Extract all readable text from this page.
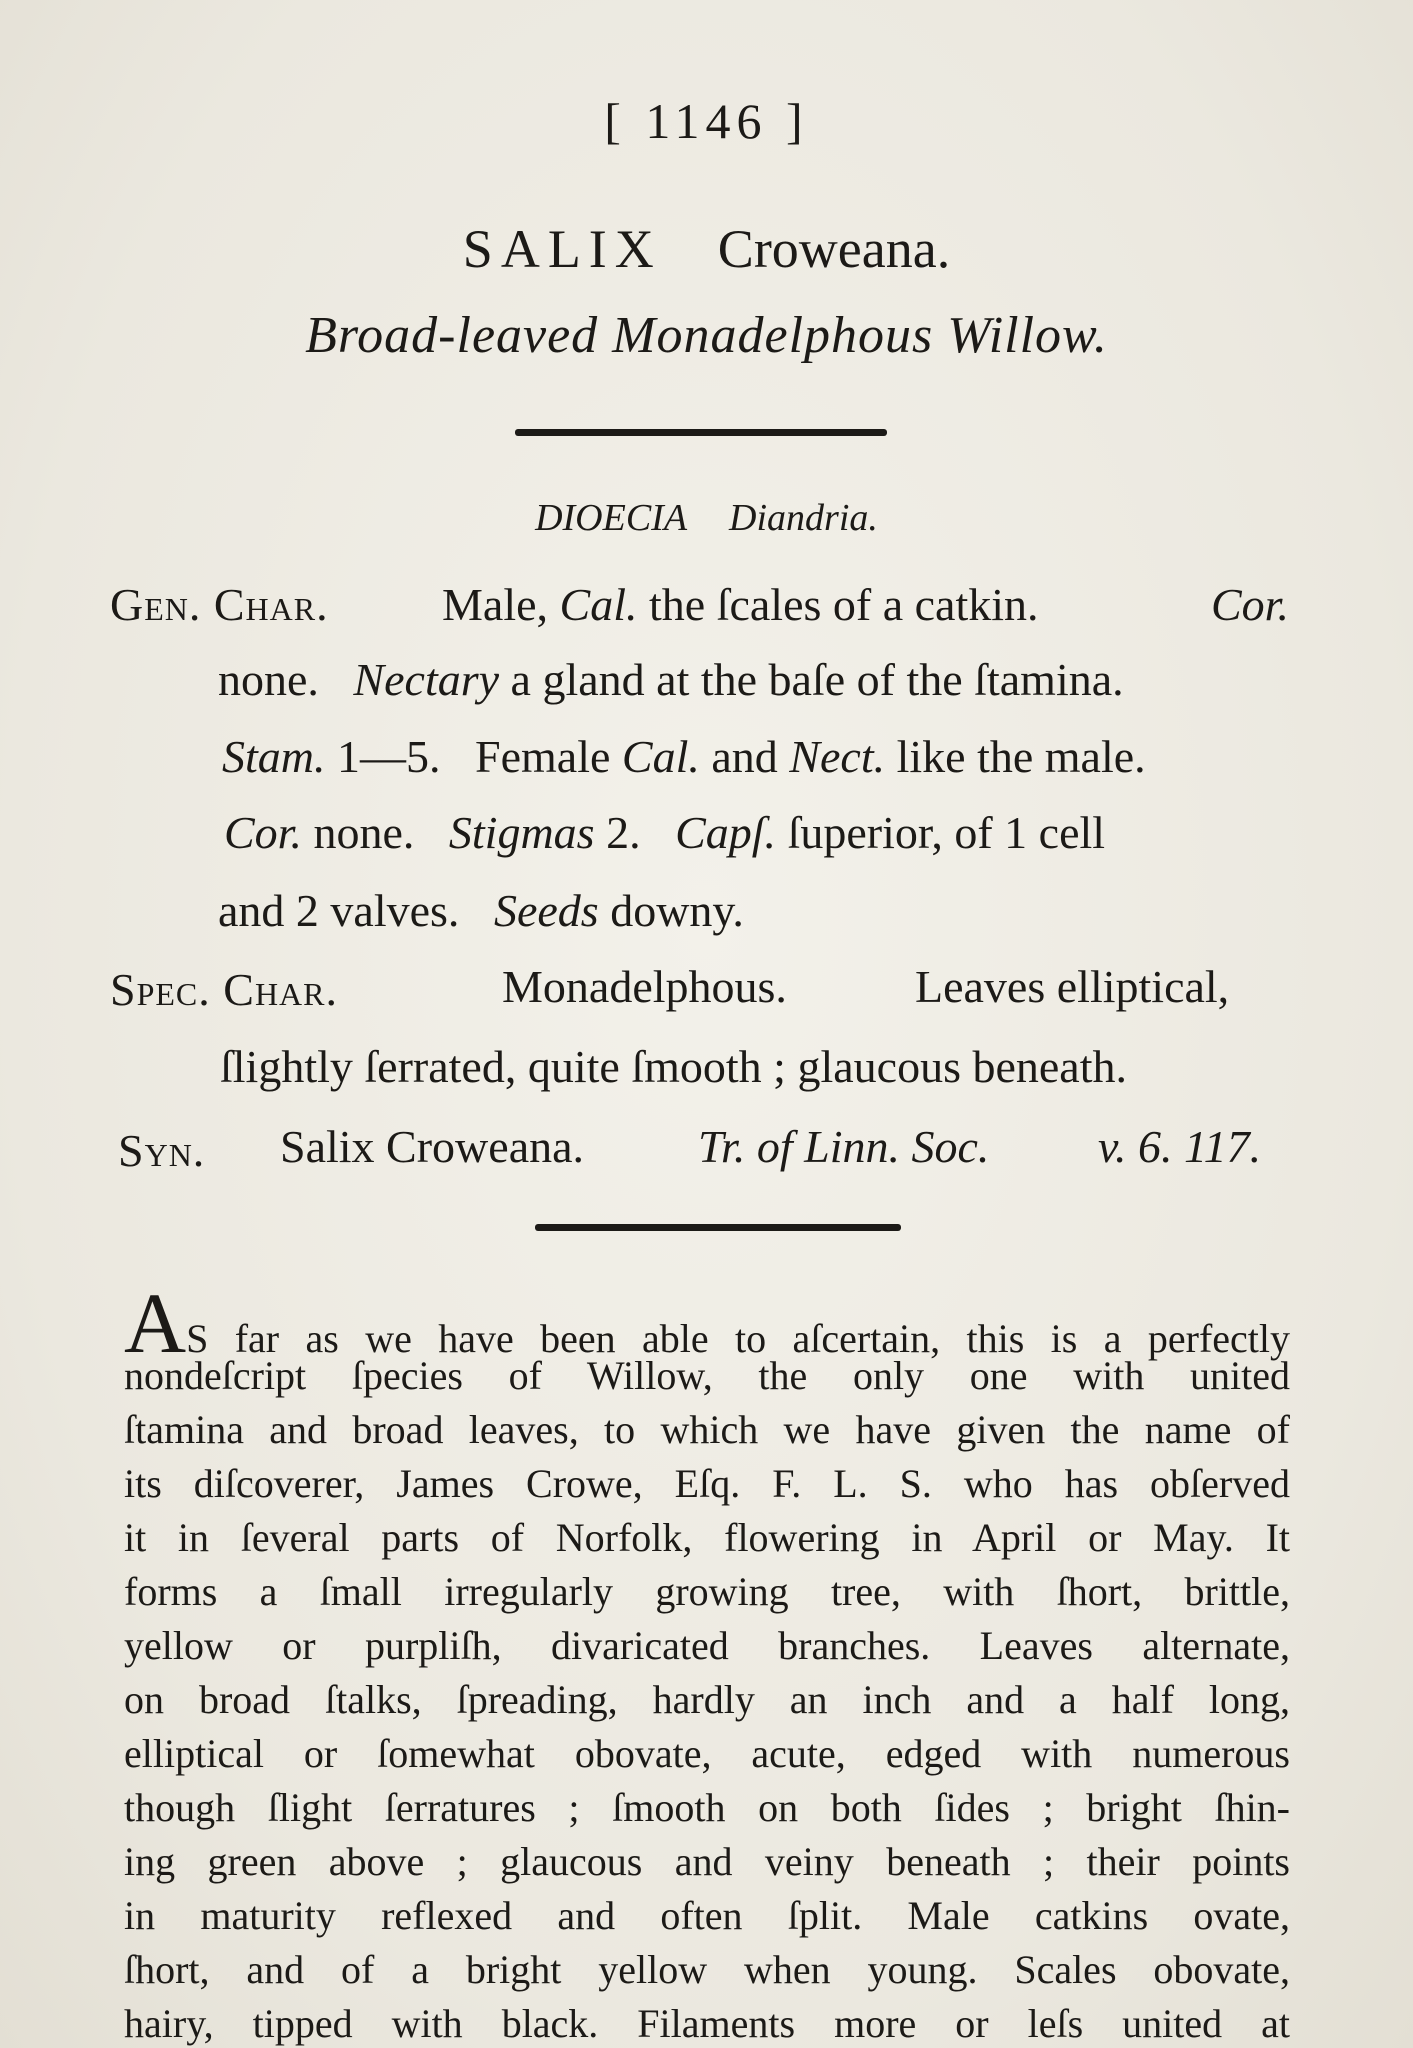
[ 1146 ]
SALIX Croweana.
Broad-leaved Monadelphous Willow.
DIOECIA Diandria.
Gen. Char. Male, Cal. the ſcales of a catkin.	Cor.
none. Nectary a gland at the baſe of the ſtamina.
Stam. 1—5. Female Cal. and Nect. like the male.
Cor. none. Stigmas 2. Capſ. ſuperior, of 1 cell
and 2 valves. Seeds downy.
Spec. Char.	Monadelphous.	Leaves elliptical,
ſlightly ſerrated, quite ſmooth ; glaucous beneath.
Syn. Salix Croweana. Tr. of Linn. Soc. v. 6. 117.
AS far as we have been able to aſcertain, this is a perfectly
nondeſcript ſpecies of Willow, the only one with united
ſtamina and broad leaves, to which we have given the name of
its diſcoverer, James Crowe, Eſq. F. L. S. who has obſerved
it in ſeveral parts of Norfolk, flowering in April or May. It
forms a ſmall irregularly growing tree, with ſhort, brittle,
yellow or purpliſh, divaricated branches. Leaves alternate,
on broad ſtalks, ſpreading, hardly an inch and a half long,
elliptical or ſomewhat obovate, acute, edged with numerous
though ſlight ſerratures ; ſmooth on both ſides ; bright ſhin-
ing green above ; glaucous and veiny beneath ; their points
in maturity reflexed and often ſplit. Male catkins ovate,
ſhort, and of a bright yellow when young. Scales obovate,
hairy, tipped with black. Filaments more or leſs united at
